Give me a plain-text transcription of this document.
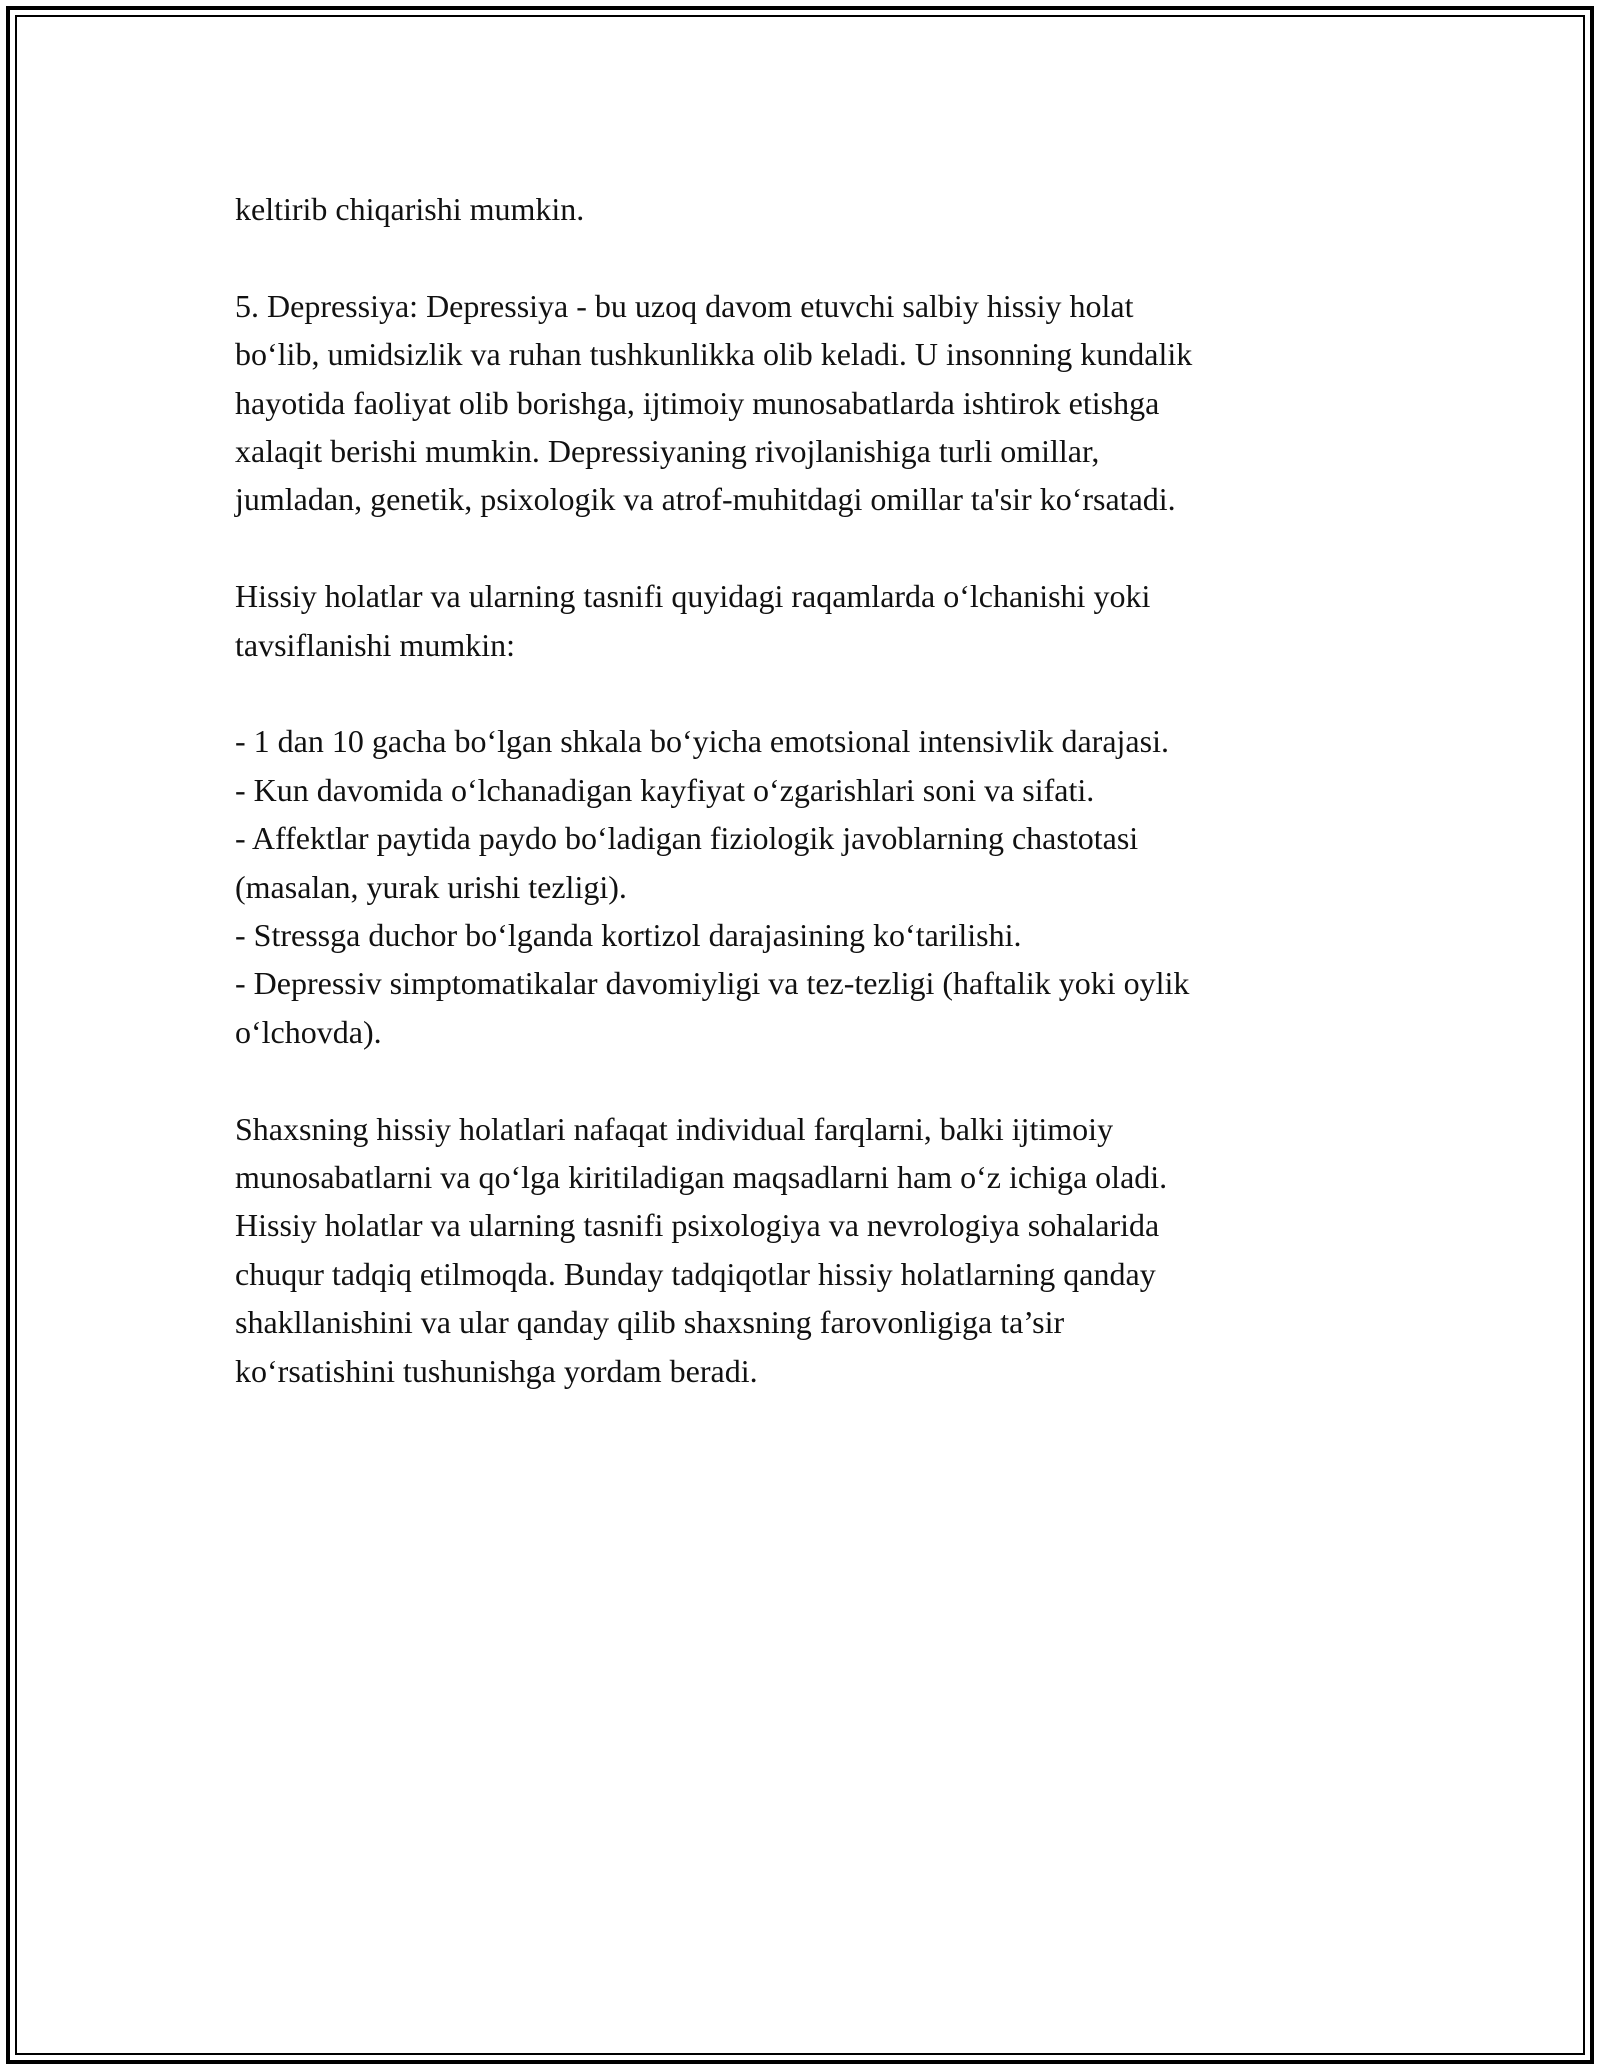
keltirib chiqarishi mumkin.

5. Depressiya: Depressiya - bu uzoq davom etuvchi salbiy hissiy holat
bo‘lib, umidsizlik va ruhan tushkunlikka olib keladi. U insonning kundalik
hayotida faoliyat olib borishga, ijtimoiy munosabatlarda ishtirok etishga
xalaqit berishi mumkin. Depressiyaning rivojlanishiga turli omillar,
jumladan, genetik, psixologik va atrof-muhitdagi omillar ta'sir ko‘rsatadi.

Hissiy holatlar va ularning tasnifi quyidagi raqamlarda o‘lchanishi yoki
tavsiflanishi mumkin:

- 1 dan 10 gacha bo‘lgan shkala bo‘yicha emotsional intensivlik darajasi.
- Kun davomida o‘lchanadigan kayfiyat o‘zgarishlari soni va sifati.
- Affektlar paytida paydo bo‘ladigan fiziologik javoblarning chastotasi
(masalan, yurak urishi tezligi).
- Stressga duchor bo‘lganda kortizol darajasining ko‘tarilishi.
- Depressiv simptomatikalar davomiyligi va tez-tezligi (haftalik yoki oylik
o‘lchovda).

Shaxsning hissiy holatlari nafaqat individual farqlarni, balki ijtimoiy
munosabatlarni va qo‘lga kiritiladigan maqsadlarni ham o‘z ichiga oladi.
Hissiy holatlar va ularning tasnifi psixologiya va nevrologiya sohalarida
chuqur tadqiq etilmoqda. Bunday tadqiqotlar hissiy holatlarning qanday
shakllanishini va ular qanday qilib shaxsning farovonligiga ta’sir
ko‘rsatishini tushunishga yordam beradi.
